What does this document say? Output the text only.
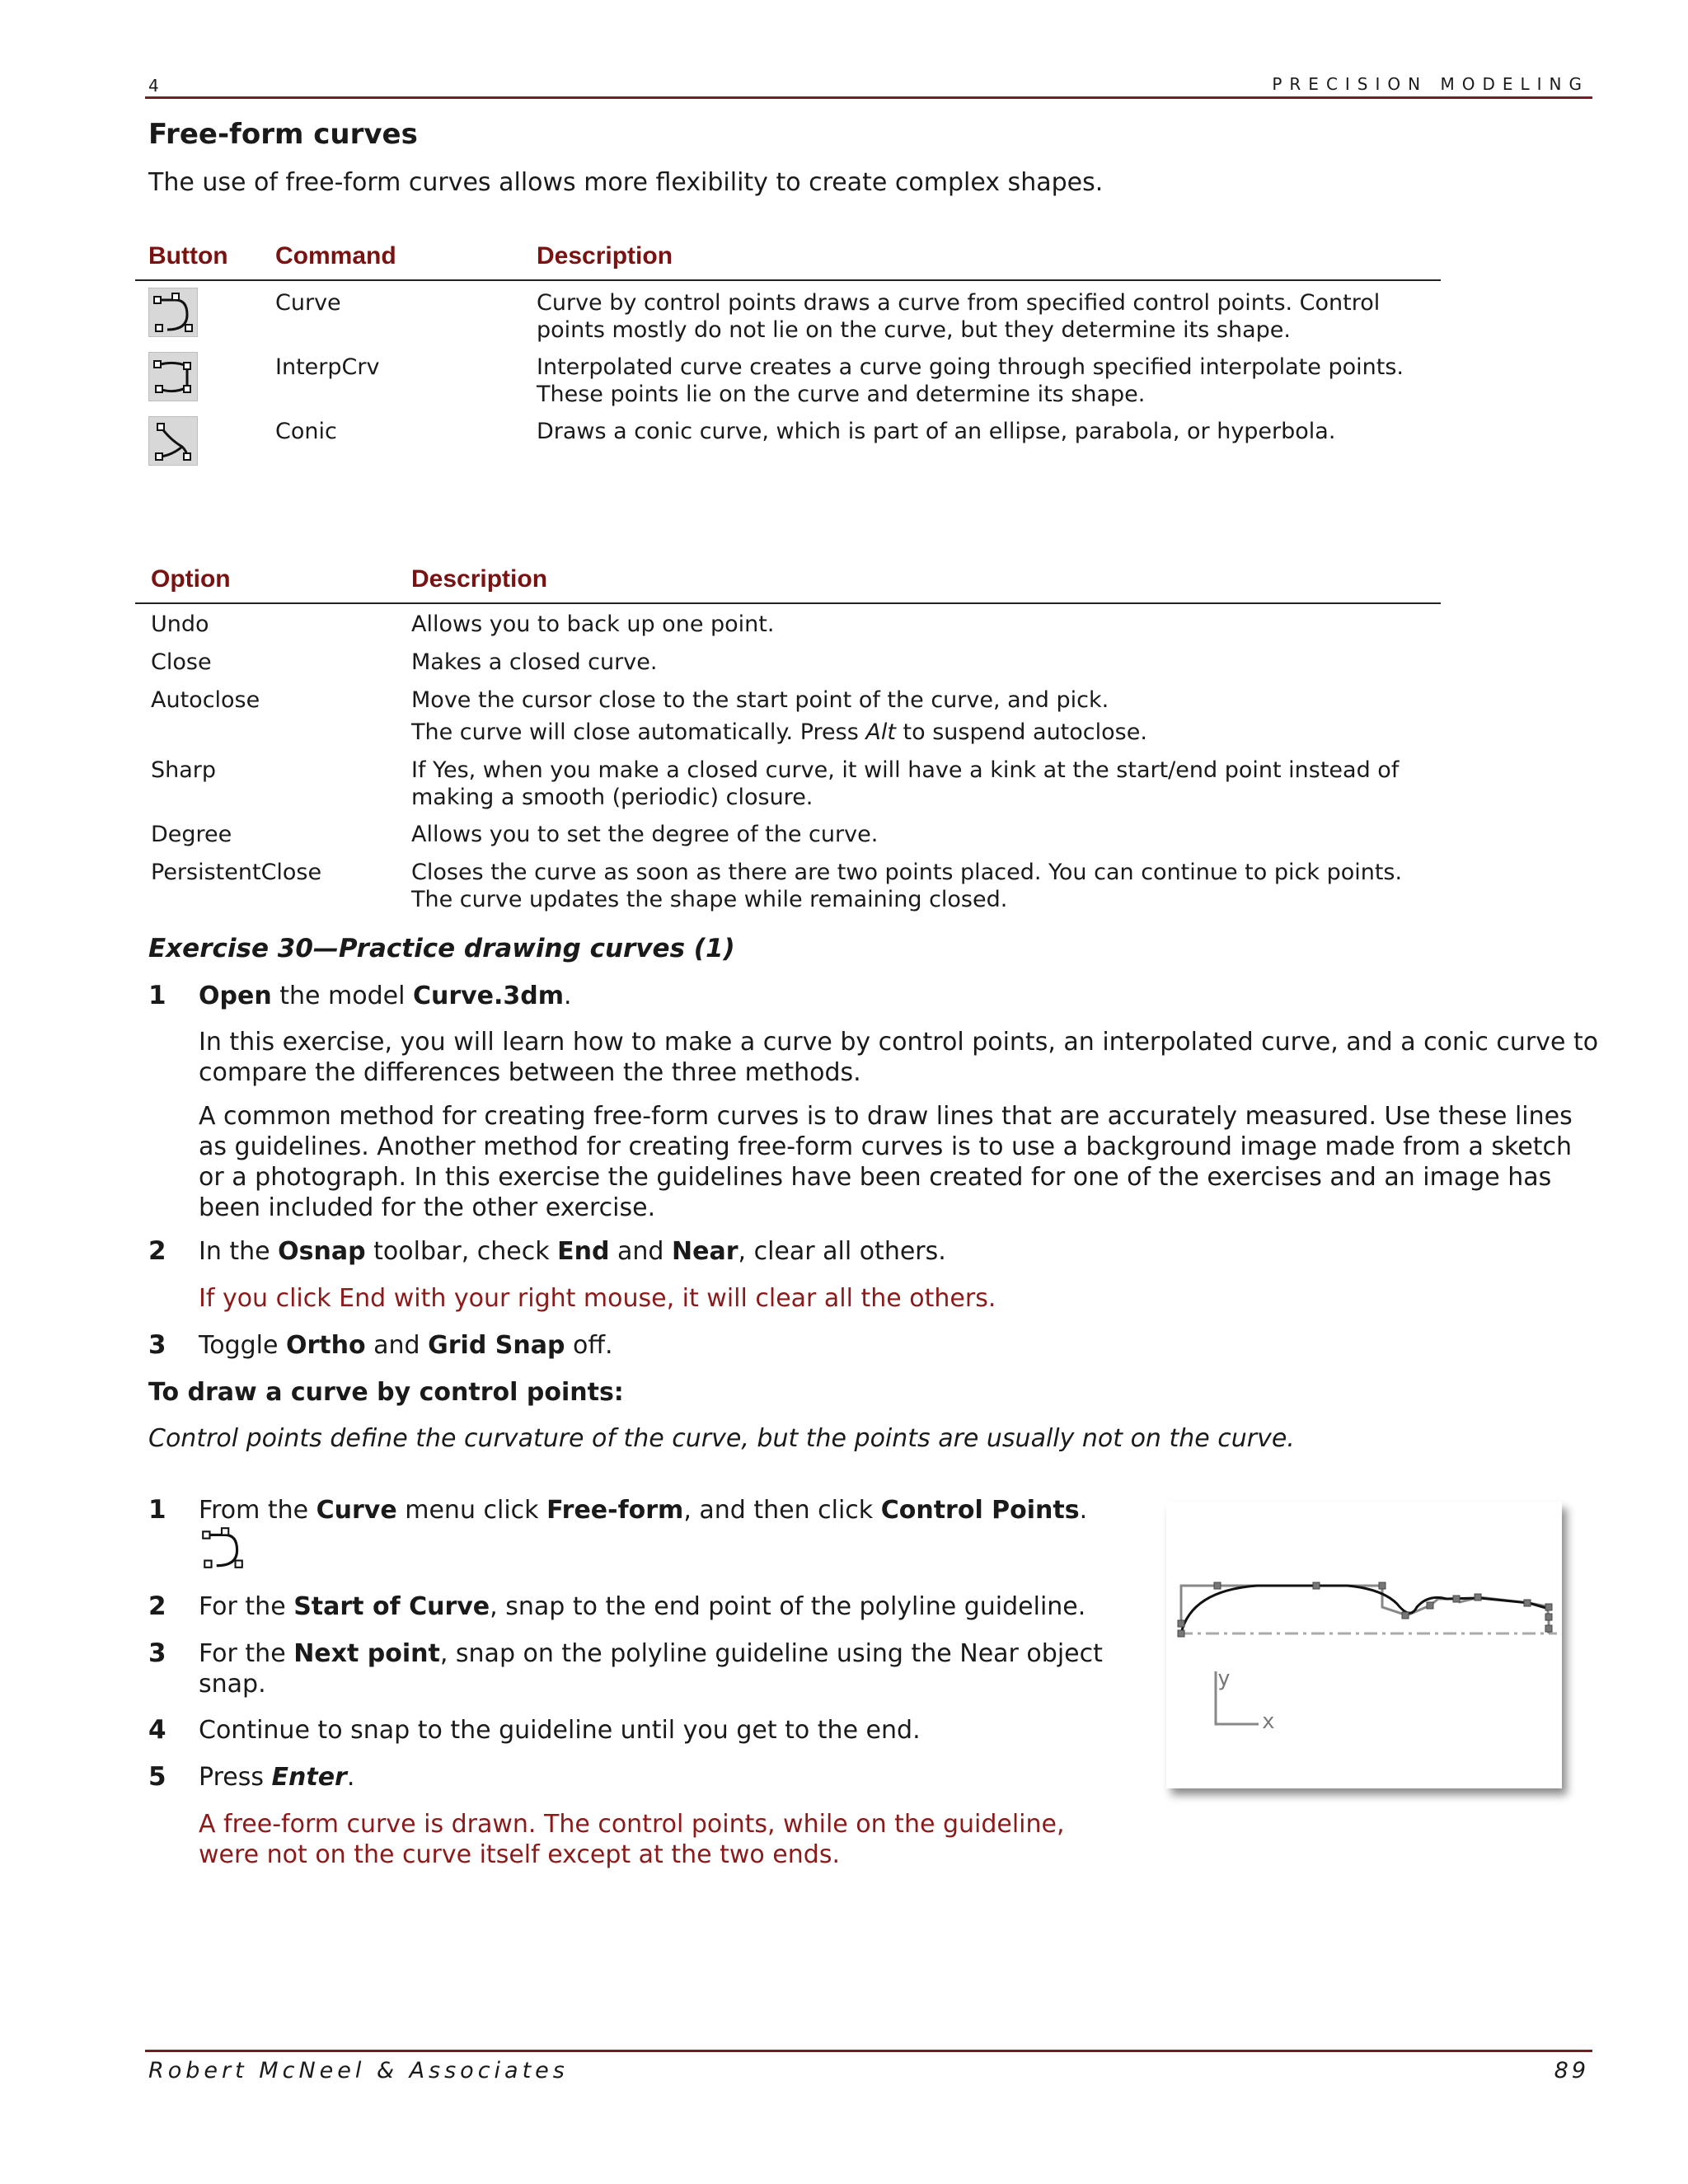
4	PRECISION MODELING
Free-form curves
The use of free-form curves allows more flexibility to create complex shapes.
Button Command	Description
Curve	Curve by control points draws a curve from specified control points. Control
points mostly do not lie on the curve, but they determine its shape.
InterpCrv	Interpolated curve creates a curve going through specified interpolate points.
These points lie on the curve and determine its shape.
Conic	Draws a conic curve, which is part of an ellipse, parabola, or hyperbola.
Option	Description
Undo	Allows you to back up one point.
Close	Makes a closed curve.
Autoclose	Move the cursor close to the start point of the curve, and pick.
The curve will close automatically. Press Alt to suspend autoclose.
Sharp	If Yes, when you make a closed curve, it will have a kink at the start/end point instead of
making a smooth (periodic) closure.
Degree	Allows you to set the degree of the curve.
PersistentClose	Closes the curve as soon as there are two points placed. You can continue to pick points.
The curve updates the shape while remaining closed.
Exercise 30—Practice drawing curves (1)
1 Open the model Curve.3dm.
In this exercise, you will learn how to make a curve by control points, an interpolated curve, and a conic curve to compare the differences between the three methods.
A common method for creating free-form curves is to draw lines that are accurately measured. Use these lines as guidelines. Another method for creating free-form curves is to use a background image made from a sketch or a photograph. In this exercise the guidelines have been created for one of the exercises and an image has been included for the other exercise.
2 In the Osnap toolbar, check End and Near, clear all others.
If you click End with your right mouse, it will clear all the others.
3 Toggle Ortho and Grid Snap off.
To draw a curve by control points:
Control points define the curvature of the curve, but the points are usually not on the curve.
1 From the Curve menu click Free-form, and then click Control Points.
2 For the Start of Curve, snap to the end point of the polyline guideline.
3 For the Next point, snap on the polyline guideline using the Near object
snap.
4 Continue to snap to the guideline until you get to the end.
5 Press Enter.
A free-form curve is drawn. The control points, while on the guideline,
were not on the curve itself except at the two ends.
y
x
Robert McNeel & Associates	89
